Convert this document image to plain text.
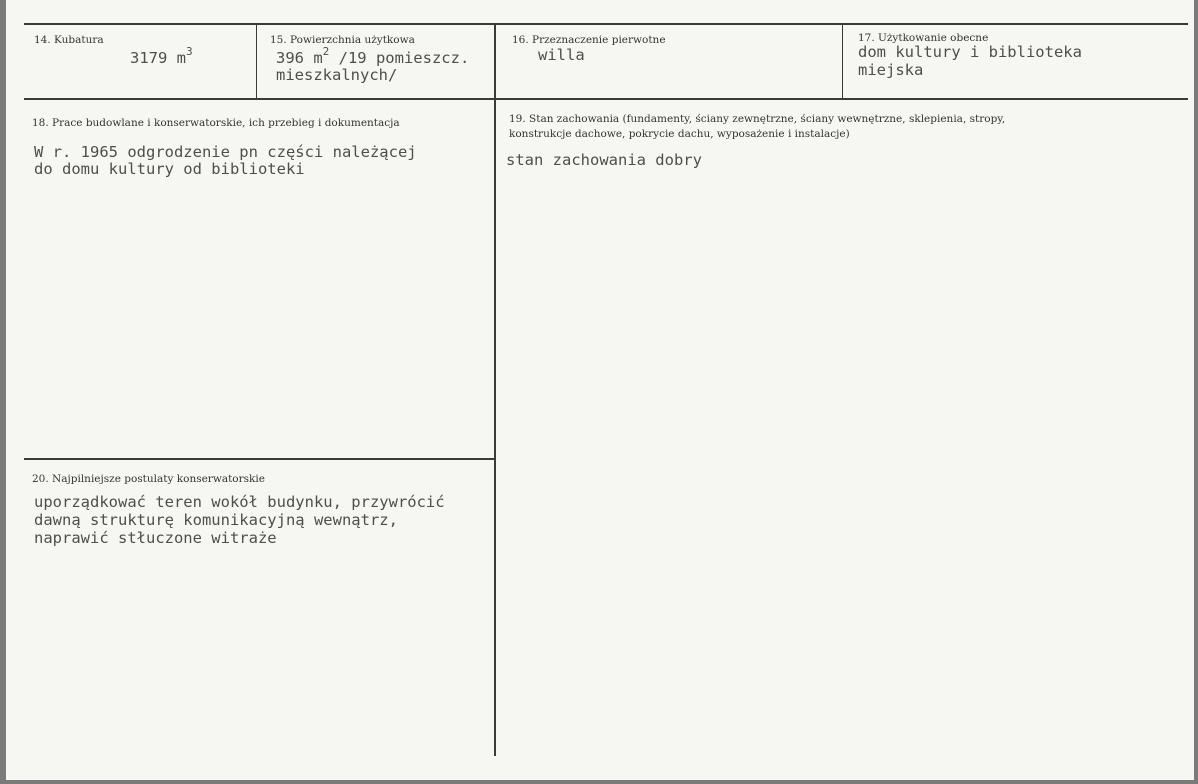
14. Kubatura
3179 $m^3$
15. Powierzchnia użytkowa
396 $m^2$ /19 pomieszcz.
mieszkalnych/
16. Przeznaczenie pierwotne
willa
17. Użytkowanie obecne
dom kultury i biblioteka
miejska
18. Prace budowlane i konserwatorskie, ich przebieg i dokumentacja
W r. 1965 odgrodzenie pn części należącej
do domu kultury od biblioteki
19. Stan zachowania (fundamenty, ściany zewnętrzne, ściany wewnętrzne, sklepienia, stropy,
konstrukcje dachowe, pokrycie dachu, wyposażenie i instalacje)
stan zachowania dobry
20. Najpilniejsze postulaty konserwatorskie
uporządkować teren wokół budynku, przywrócić
dawną strukturę komunikacyjną wewnątrz,
naprawić stłuczone witraże
